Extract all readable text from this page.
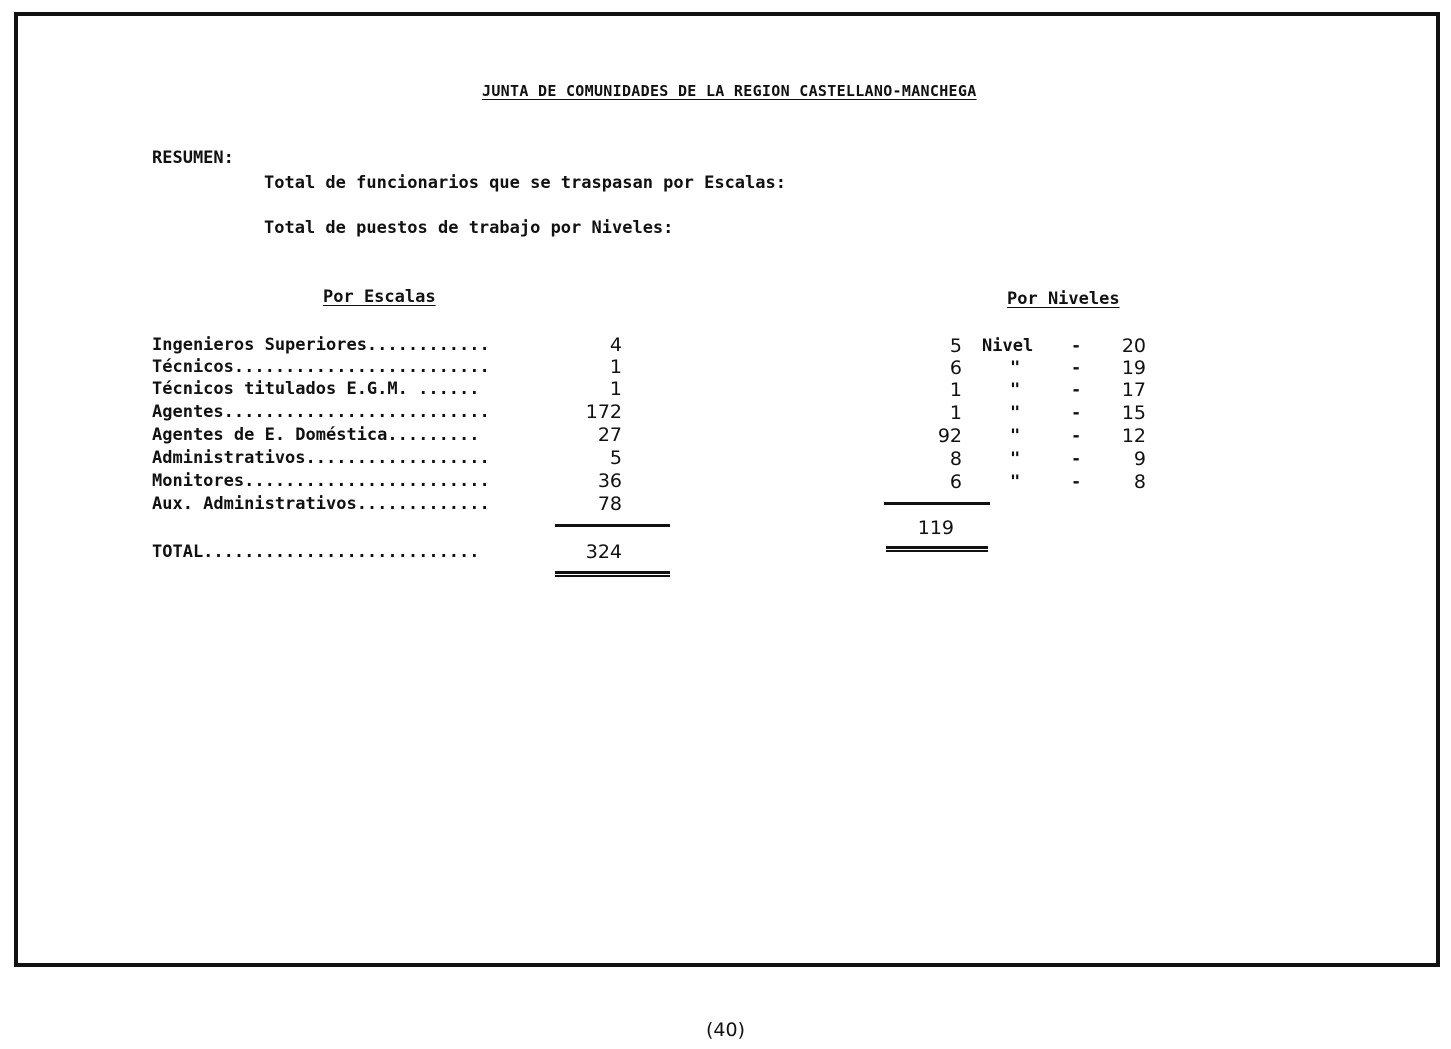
JUNTA DE COMUNIDADES DE LA REGION CASTELLANO-MANCHEGA
RESUMEN:
Total de funcionarios que se traspasan por Escalas:
Total de puestos de trabajo por Niveles:
Por Escalas	Por Niveles
Ingenieros Superiores............	4
Técnicos.........................	1
Técnicos titulados E.G.M. ......	1
Agentes..........................	172
Agentes de E. Doméstica.........	27
Administrativos..................	5
Monitores........................	36
Aux. Administrativos.............	78
TOTAL...........................	324
5 Nivel -	20
6	"	-	19
1	"	-	17
1	"	-	15
92	"	-	12
8	"	-	9
6	"	-	8
119
(40)
